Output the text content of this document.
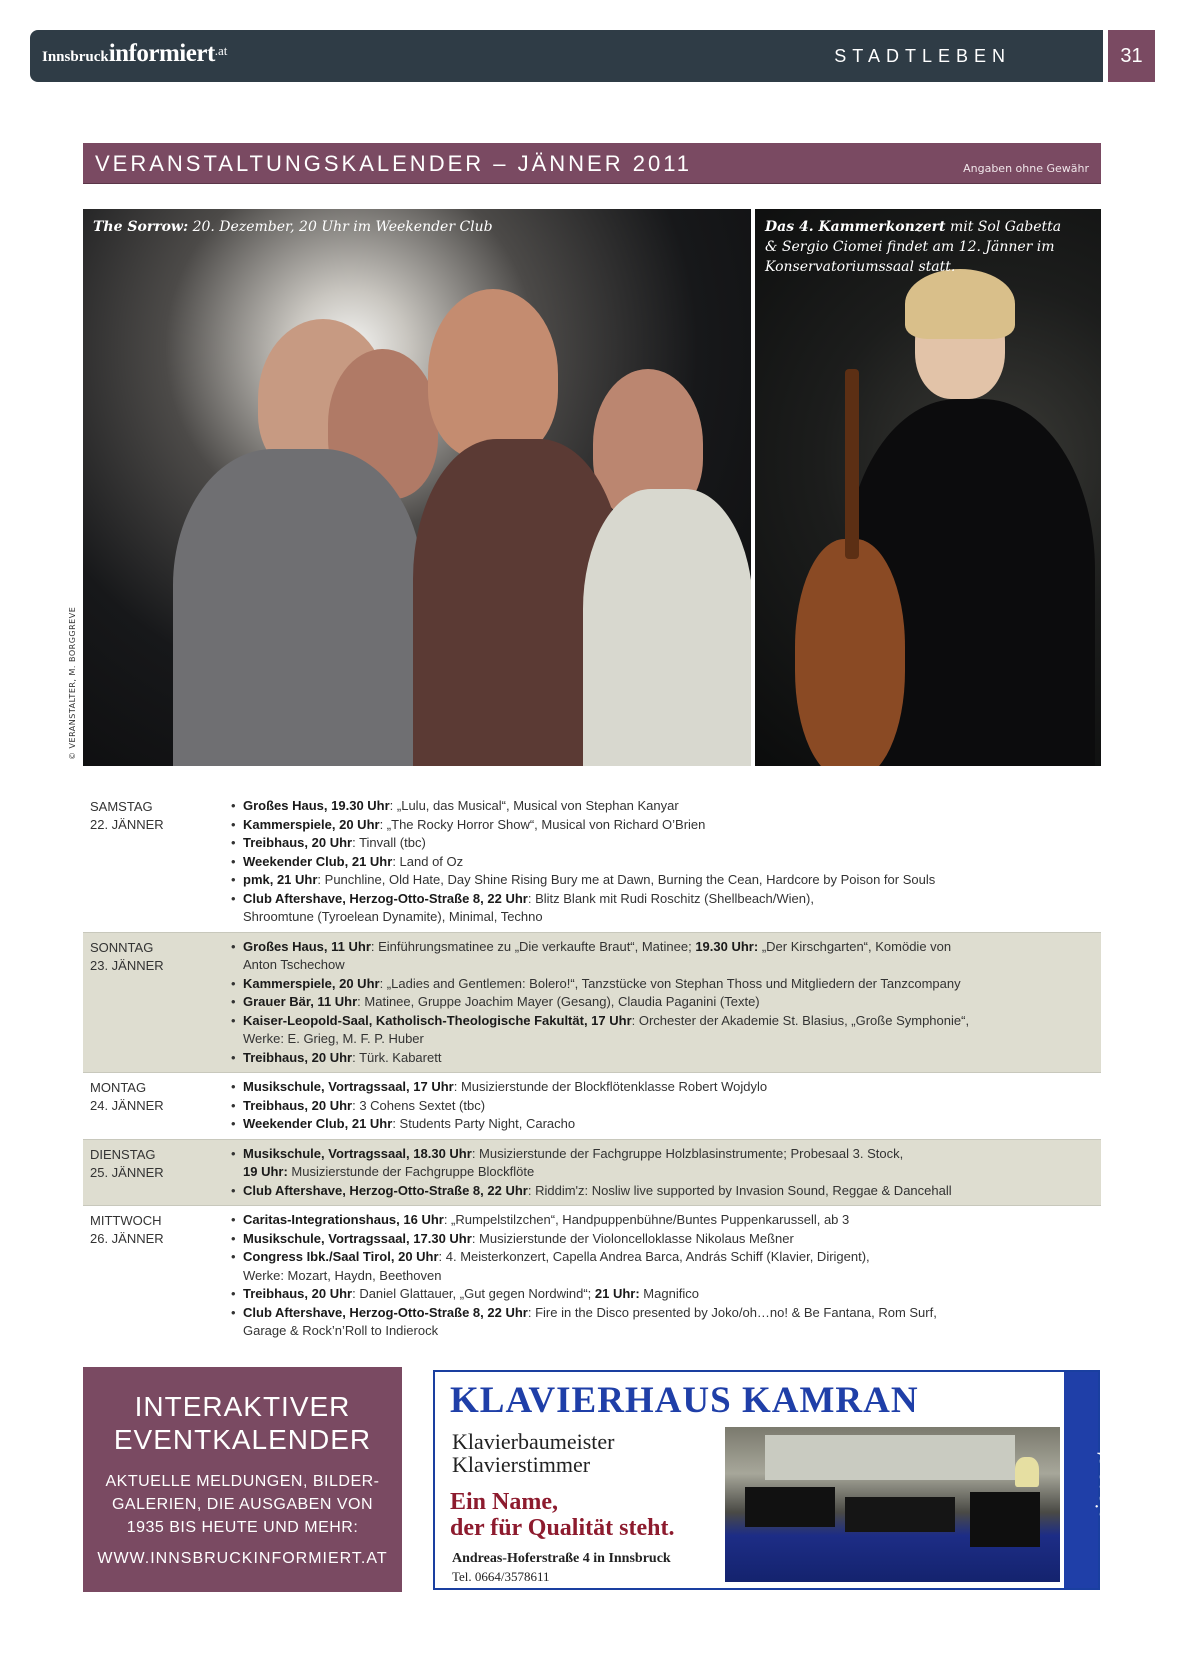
Innsbruckinformiert$^{.at}$	STADTLEBEN	31
VERANSTALTUNGSKALENDER – JÄNNER 2011	Angaben ohne Gewähr
© VERANSTALTER, M. BORGGREVE
The Sorrow: 20. Dezember, 20 Uhr im Weekender Club	Das 4. Kammerkonzert mit Sol Gabetta & Sergio Ciomei findet am 12. Jänner im Konservatoriumssaal statt.
SAMSTAG
22. JÄNNER
• Großes Haus, 19.30 Uhr: „Lulu, das Musical“, Musical von Stephan Kanyar
• Kammerspiele, 20 Uhr: „The Rocky Horror Show“, Musical von Richard O’Brien
• Treibhaus, 20 Uhr: Tinvall (tbc)
• Weekender Club, 21 Uhr: Land of Oz
• pmk, 21 Uhr: Punchline, Old Hate, Day Shine Rising Bury me at Dawn, Burning the Cean, Hardcore by Poison for Souls
• Club Aftershave, Herzog-Otto-Straße 8, 22 Uhr: Blitz Blank mit Rudi Roschitz (Shellbeach/Wien),
Shroomtune (Tyroelean Dynamite), Minimal, Techno
SONNTAG
23. JÄNNER
• Großes Haus, 11 Uhr: Einführungsmatinee zu „Die verkaufte Braut“, Matinee; 19.30 Uhr: „Der Kirschgarten“, Komödie von
Anton Tschechow
• Kammerspiele, 20 Uhr: „Ladies and Gentlemen: Bolero!“, Tanzstücke von Stephan Thoss und Mitgliedern der Tanzcompany
• Grauer Bär, 11 Uhr: Matinee, Gruppe Joachim Mayer (Gesang), Claudia Paganini (Texte)
• Kaiser-Leopold-Saal, Katholisch-Theologische Fakultät, 17 Uhr: Orchester der Akademie St. Blasius, „Große Symphonie“,
Werke: E. Grieg, M. F. P. Huber
• Treibhaus, 20 Uhr: Türk. Kabarett
MONTAG
24. JÄNNER
• Musikschule, Vortragssaal, 17 Uhr: Musizierstunde der Blockflötenklasse Robert Wojdylo
• Treibhaus, 20 Uhr: 3 Cohens Sextet (tbc)
• Weekender Club, 21 Uhr: Students Party Night, Caracho
DIENSTAG
25. JÄNNER
• Musikschule, Vortragssaal, 18.30 Uhr: Musizierstunde der Fachgruppe Holzblasinstrumente; Probesaal 3. Stock,
19 Uhr: Musizierstunde der Fachgruppe Blockflöte
• Club Aftershave, Herzog-Otto-Straße 8, 22 Uhr: Riddim'z: Nosliw live supported by Invasion Sound, Reggae & Dancehall
MITTWOCH
26. JÄNNER
• Caritas-Integrationshaus, 16 Uhr: „Rumpelstilzchen“, Handpuppenbühne/Buntes Puppenkarussell, ab 3
• Musikschule, Vortragssaal, 17.30 Uhr: Musizierstunde der Violoncelloklasse Nikolaus Meßner
• Congress Ibk./Saal Tirol, 20 Uhr: 4. Meisterkonzert, Capella Andrea Barca, András Schiff (Klavier, Dirigent),
Werke: Mozart, Haydn, Beethoven
• Treibhaus, 20 Uhr: Daniel Glattauer, „Gut gegen Nordwind“; 21 Uhr: Magnifico
• Club Aftershave, Herzog-Otto-Straße 8, 22 Uhr: Fire in the Disco presented by Joko/oh…no! & Be Fantana, Rom Surf,
Garage & Rock’n’Roll to Indierock
INTERAKTIVER
EVENTKALENDER
AKTUELLE MELDUNGEN, BILDER-
GALERIEN, DIE AUSGABEN VON
1935 BIS HEUTE UND MEHR:
WWW.INNSBRUCKINFORMIERT.AT
KLAVIERHAUS KAMRAN
Klavierbaumeister
Klavierstimmer
Ein Name,
der für Qualität steht.
Andreas-Hoferstraße 4 in Innsbruck
Tel. 0664/3578611
www.piano.at
